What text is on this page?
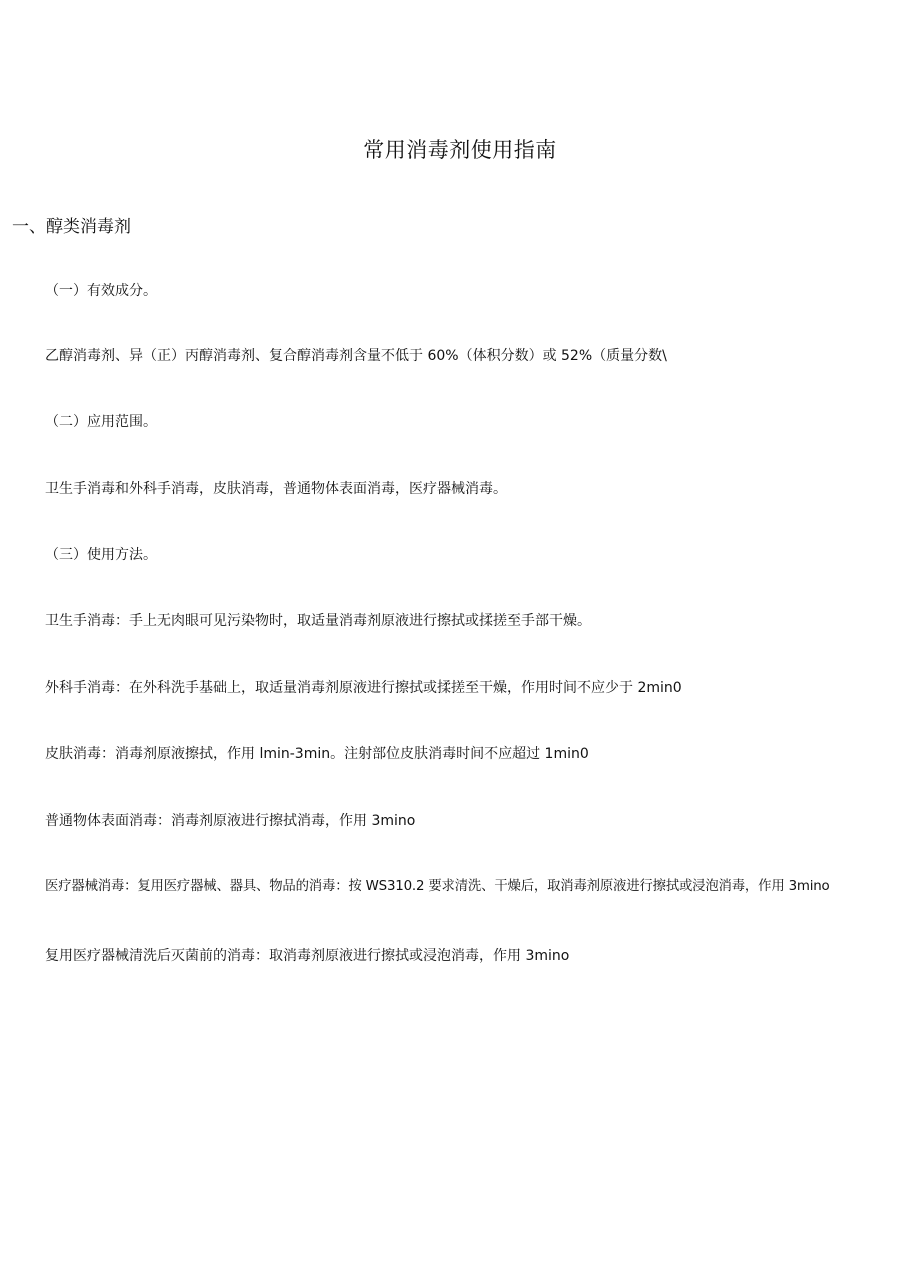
常用消毒剂使用指南
一、醇类消毒剂
（一）有效成分。
乙醇消毒剂、异（正）丙醇消毒剂、复合醇消毒剂含量不低于 60%（体积分数）或 52%（质量分数\
（二）应用范围。
卫生手消毒和外科手消毒，皮肤消毒，普通物体表面消毒，医疗器械消毒。
（三）使用方法。
卫生手消毒：手上无肉眼可见污染物时，取适量消毒剂原液进行擦拭或揉搓至手部干燥。
外科手消毒：在外科洗手基础上，取适量消毒剂原液进行擦拭或揉搓至干燥，作用时间不应少于 2min0
皮肤消毒：消毒剂原液擦拭，作用 lmin-3min。注射部位皮肤消毒时间不应超过 1min0
普通物体表面消毒：消毒剂原液进行擦拭消毒，作用 3mino
医疗器械消毒：复用医疗器械、器具、物品的消毒：按 WS310.2 要求清洗、干燥后，取消毒剂原液进行擦拭或浸泡消毒，作用 3mino
复用医疗器械清洗后灭菌前的消毒：取消毒剂原液进行擦拭或浸泡消毒，作用 3mino
